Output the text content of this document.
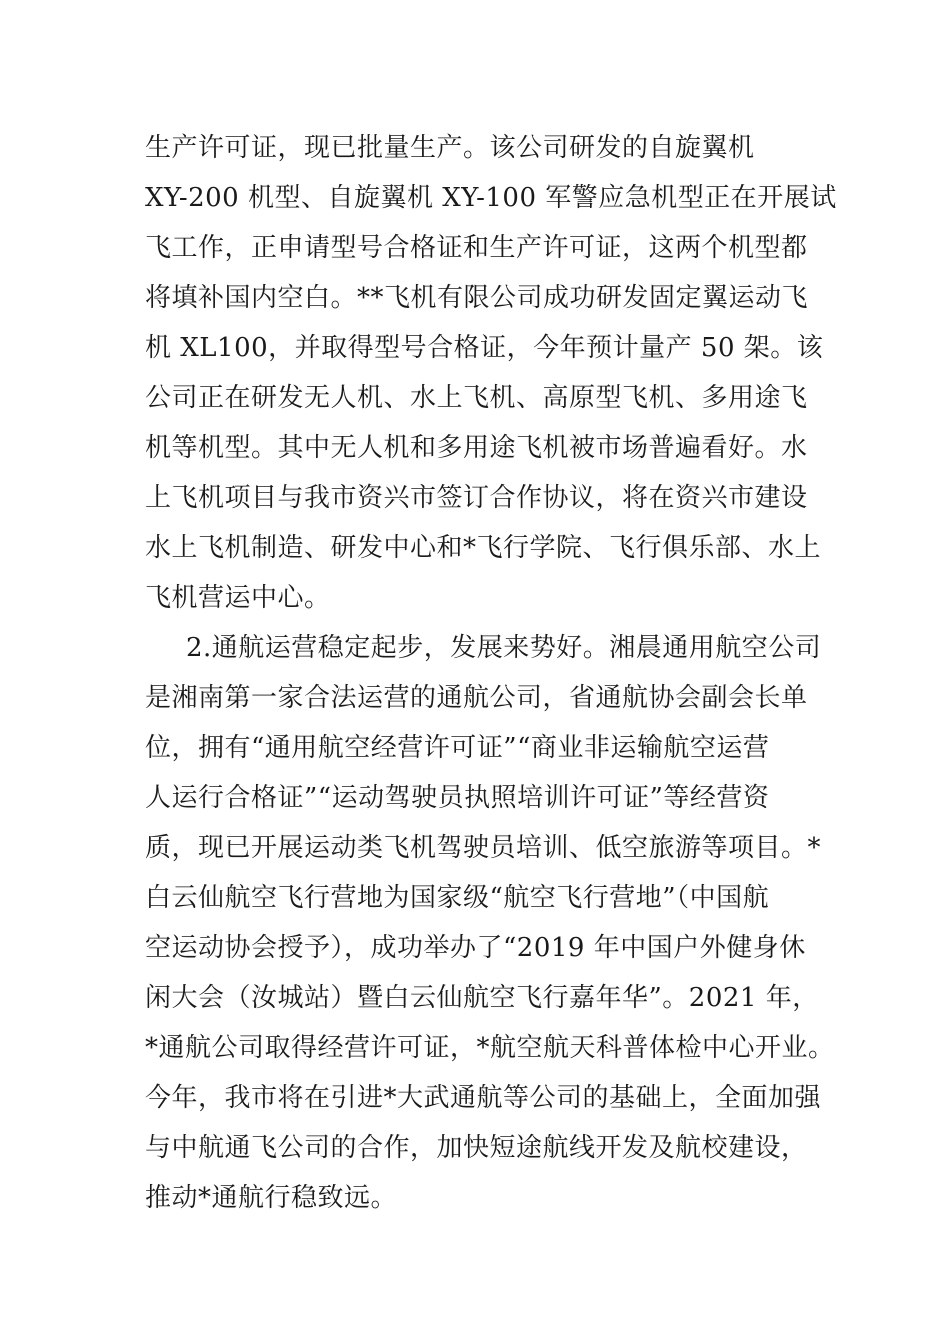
生产许可证，现已批量生产。该公司研发的自旋翼机
XY-200 机型、自旋翼机 XY-100 军警应急机型正在开展试
飞工作，正申请型号合格证和生产许可证，这两个机型都
将填补国内空白。**飞机有限公司成功研发固定翼运动飞
机 XL100，并取得型号合格证，今年预计量产 50 架。该
公司正在研发无人机、水上飞机、高原型飞机、多用途飞
机等机型。其中无人机和多用途飞机被市场普遍看好。水
上飞机项目与我市资兴市签订合作协议，将在资兴市建设
水上飞机制造、研发中心和*飞行学院、飞行俱乐部、水上
飞机营运中心。
2.通航运营稳定起步，发展来势好。湘晨通用航空公司
是湘南第一家合法运营的通航公司，省通航协会副会长单
位，拥有“通用航空经营许可证”“商业非运输航空运营
人运行合格证”“运动驾驶员执照培训许可证”等经营资
质，现已开展运动类飞机驾驶员培训、低空旅游等项目。*
白云仙航空飞行营地为国家级“航空飞行营地”（中国航
空运动协会授予），成功举办了“2019 年中国户外健身休
闲大会（汝城站）暨白云仙航空飞行嘉年华”。2021 年，
*通航公司取得经营许可证，*航空航天科普体检中心开业。
今年，我市将在引进*大武通航等公司的基础上，全面加强
与中航通飞公司的合作，加快短途航线开发及航校建设，
推动*通航行稳致远。
